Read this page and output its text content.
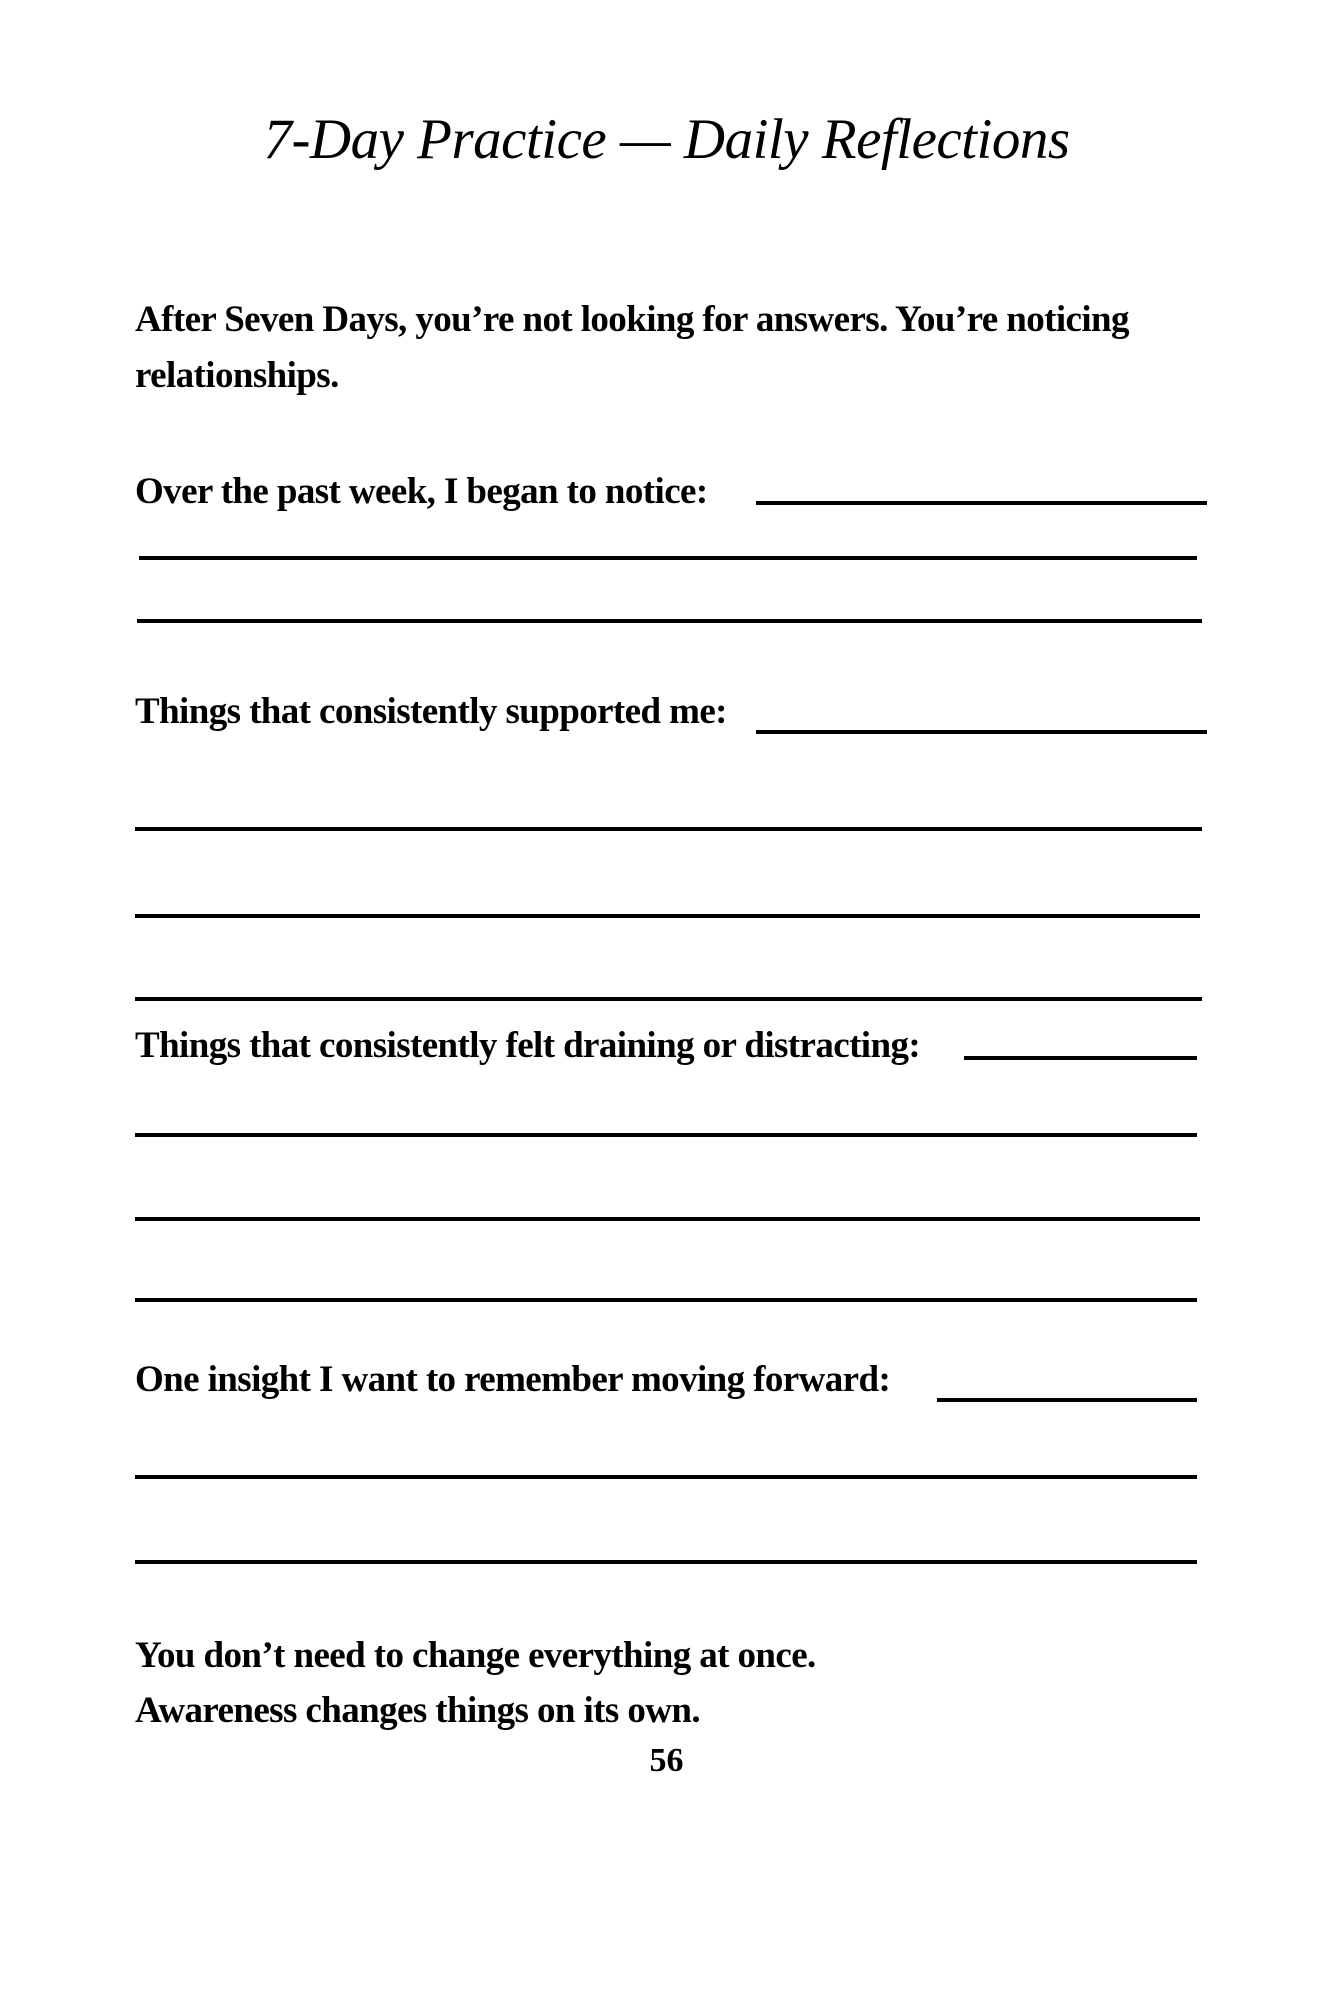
7-Day Practice — Daily Reflections
After Seven Days, you’re not looking for answers. You’re noticing relationships.
Over the past week, I began to notice:
Things that consistently supported me:
Things that consistently felt draining or distracting:
One insight I want to remember moving forward:
You don’t need to change everything at once.
Awareness changes things on its own.
56
